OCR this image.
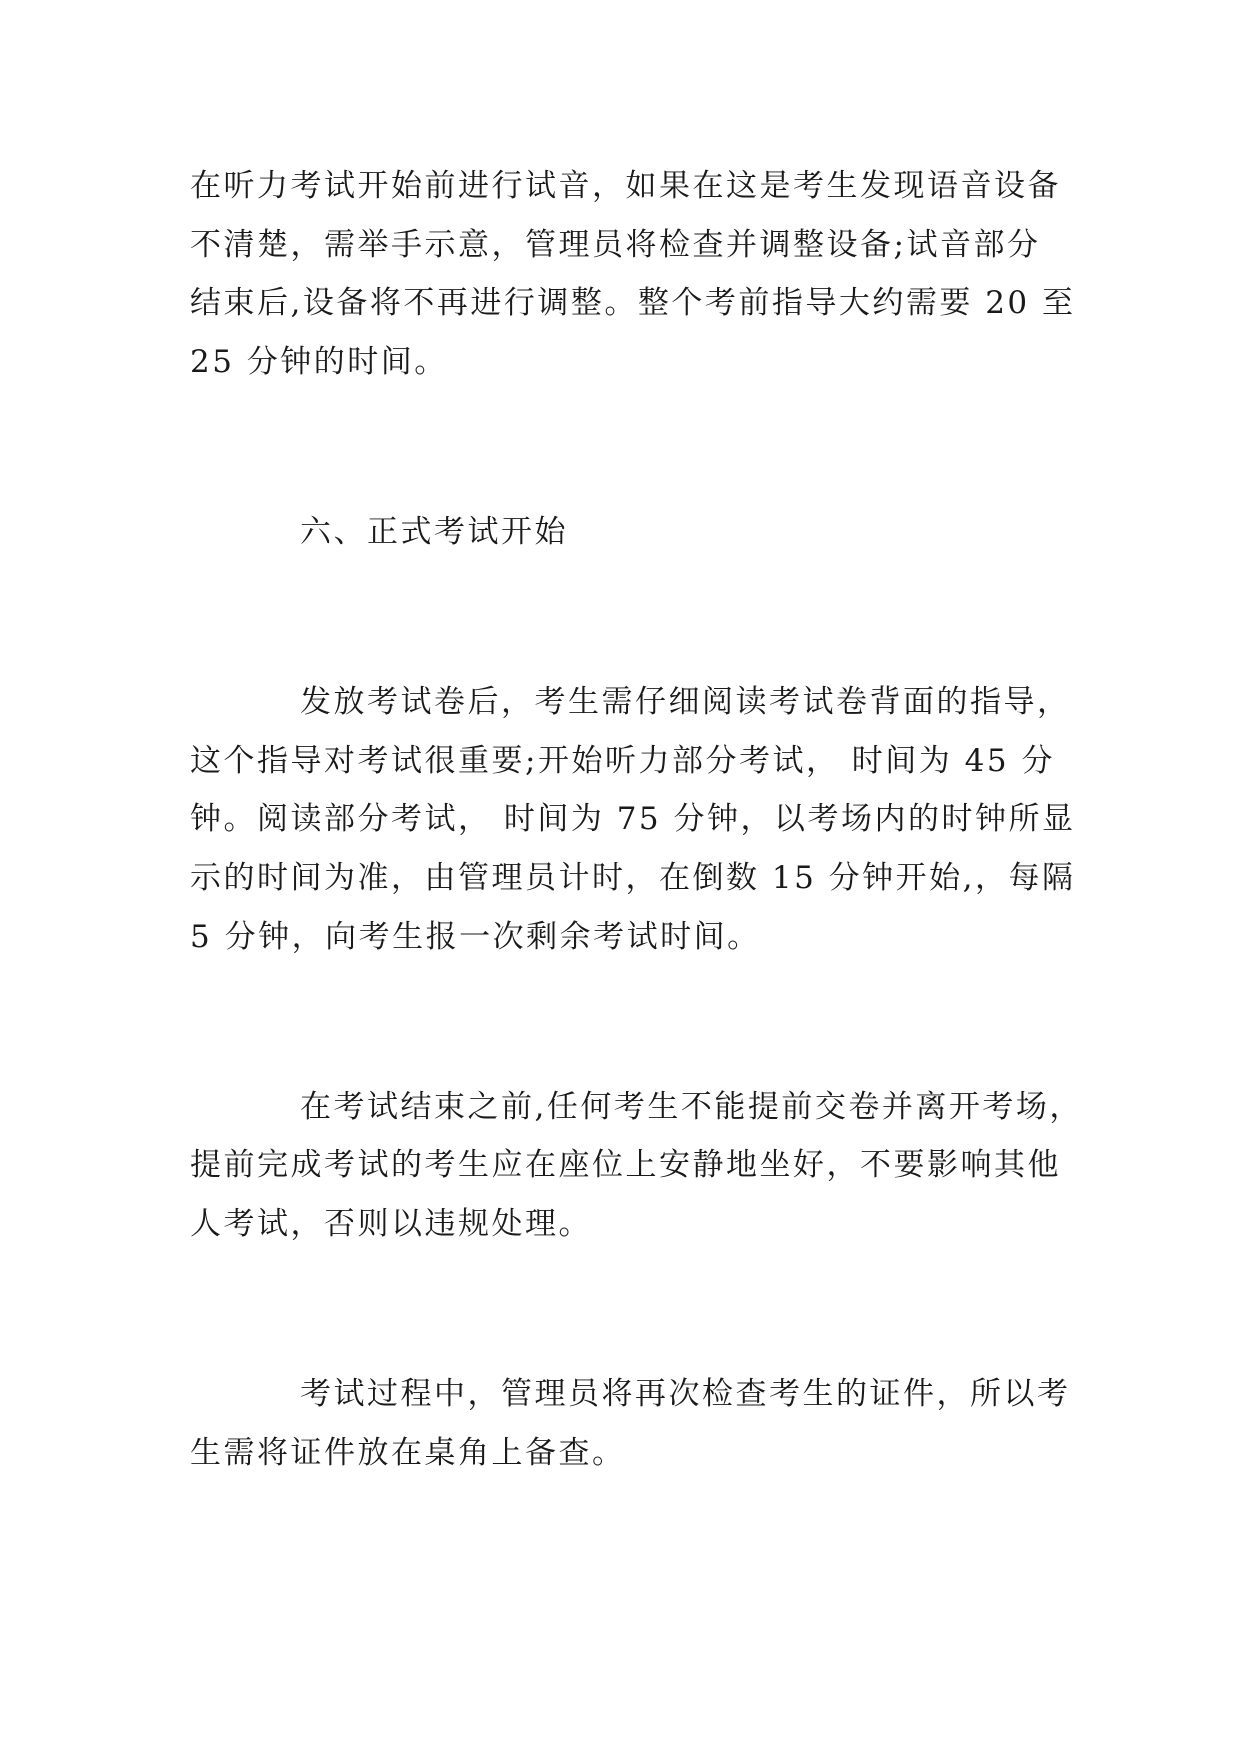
在听力考试开始前进行试音，如果在这是考生发现语音设备
不清楚，需举手示意，管理员将检查并调整设备;试音部分
结束后,设备将不再进行调整。整个考前指导大约需要 20 至
25 分钟的时间。
六、正式考试开始
发放考试卷后，考生需仔细阅读考试卷背面的指导，
这个指导对考试很重要;开始听力部分考试， 时间为 45 分
钟。阅读部分考试， 时间为 75 分钟，以考场内的时钟所显
示的时间为准，由管理员计时，在倒数 15 分钟开始,，每隔
5 分钟，向考生报一次剩余考试时间。
在考试结束之前,任何考生不能提前交卷并离开考场，
提前完成考试的考生应在座位上安静地坐好，不要影响其他
人考试，否则以违规处理。
考试过程中，管理员将再次检查考生的证件，所以考
生需将证件放在桌角上备查。
